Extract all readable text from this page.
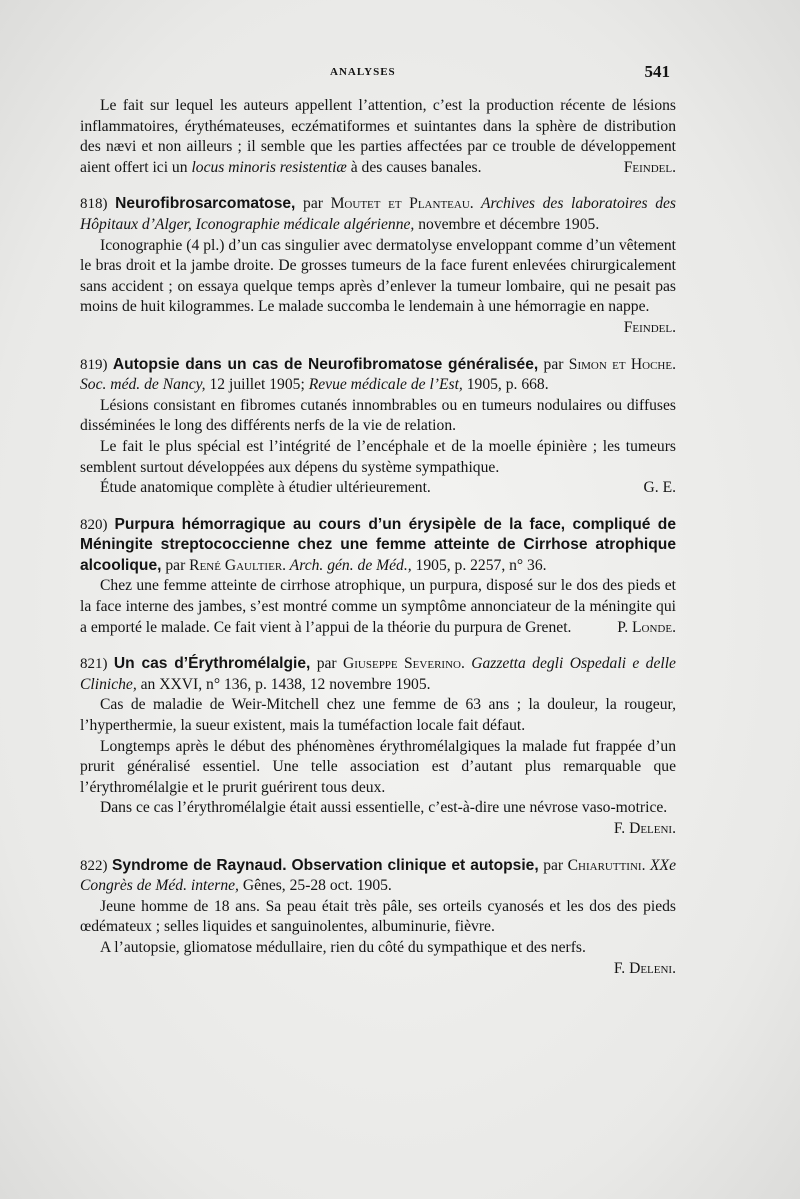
ANALYSES	541

Le fait sur lequel les auteurs appellent l’attention, c’est la production récente de lésions inflammatoires, érythémateuses, eczématiformes et suintantes dans la sphère de distribution des nævi et non ailleurs ; il semble que les parties affectées par ce trouble de développement aient offert ici un locus minoris resistentiæ à des causes banales.	Feindel.

818) Neurofibrosarcomatose, par Moutet et Planteau. Archives des laboratoires des Hôpitaux d’Alger, Iconographie médicale algérienne, novembre et décembre 1905.

Iconographie (4 pl.) d’un cas singulier avec dermatolyse enveloppant comme d’un vêtement le bras droit et la jambe droite. De grosses tumeurs de la face furent enlevées chirurgicalement sans accident ; on essaya quelque temps après d’enlever la tumeur lombaire, qui ne pesait pas moins de huit kilogrammes. Le malade succomba le lendemain à une hémorragie en nappe.
Feindel.

819) Autopsie dans un cas de Neurofibromatose généralisée, par Simon et Hoche. Soc. méd. de Nancy, 12 juillet 1905; Revue médicale de l’Est, 1905, p. 668.

Lésions consistant en fibromes cutanés innombrables ou en tumeurs nodulaires ou diffuses disséminées le long des différents nerfs de la vie de relation.

Le fait le plus spécial est l’intégrité de l’encéphale et de la moelle épinière ; les tumeurs semblent surtout développées aux dépens du système sympathique.

Étude anatomique complète à étudier ultérieurement.	G. E.

820) Purpura hémorragique au cours d’un érysipèle de la face, compliqué de Méningite streptococcienne chez une femme atteinte de Cirrhose atrophique alcoolique, par René Gaultier. Arch. gén. de Méd., 1905, p. 2257, n° 36.

Chez une femme atteinte de cirrhose atrophique, un purpura, disposé sur le dos des pieds et la face interne des jambes, s’est montré comme un symptôme annonciateur de la méningite qui a emporté le malade. Ce fait vient à l’appui de la théorie du purpura de Grenet.	P. Londe.

821) Un cas d’Érythromélalgie, par Giuseppe Severino. Gazzetta degli Ospedali e delle Cliniche, an XXVI, n° 136, p. 1438, 12 novembre 1905.

Cas de maladie de Weir-Mitchell chez une femme de 63 ans ; la douleur, la rougeur, l’hyperthermie, la sueur existent, mais la tuméfaction locale fait défaut.

Longtemps après le début des phénomènes érythromélalgiques la malade fut frappée d’un prurit généralisé essentiel. Une telle association est d’autant plus remarquable que l’érythromélalgie et le prurit guérirent tous deux.

Dans ce cas l’érythromélalgie était aussi essentielle, c’est-à-dire une névrose vaso-motrice.
F. Deleni.

822) Syndrome de Raynaud. Observation clinique et autopsie, par Chiaruttini. XXe Congrès de Méd. interne, Gênes, 25-28 oct. 1905.

Jeune homme de 18 ans. Sa peau était très pâle, ses orteils cyanosés et les dos des pieds œdémateux ; selles liquides et sanguinolentes, albuminurie, fièvre.

A l’autopsie, gliomatose médullaire, rien du côté du sympathique et des nerfs.

F. Deleni.
